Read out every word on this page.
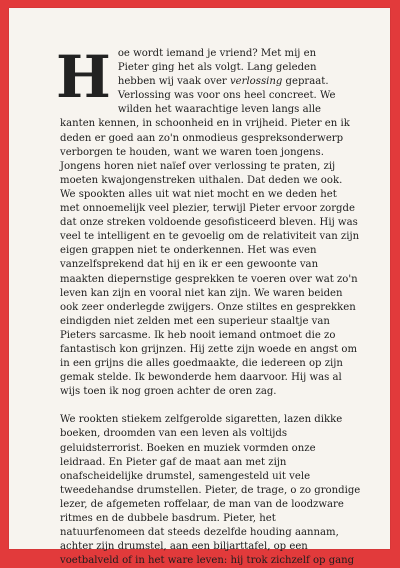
H oe wordt iemand je vriend? Met mij en
Pieter ging het als volgt. Lang geleden
hebben wij vaak over verlossing gepraat.
Verlossing was voor ons heel concreet. We
wilden het waarachtige leven langs alle
kanten kennen, in schoonheid en in vrijheid. Pieter en ik
deden er goed aan zo'n onmodieus gespreksonderwerp
verborgen te houden, want we waren toen jongens.
Jongens horen niet naïef over verlossing te praten, zij
moeten kwajongenstreken uithalen. Dat deden we ook.
We spookten alles uit wat niet mocht en we deden het
met onnoemelijk veel plezier, terwijl Pieter ervoor zorgde
dat onze streken voldoende gesofisticeerd bleven. Hij was
veel te intelligent en te gevoelig om de relativiteit van zijn
eigen grappen niet te onderkennen. Het was even
vanzelfsprekend dat hij en ik er een gewoonte van
maakten diepernstige gesprekken te voeren over wat zo'n
leven kan zijn en vooral niet kan zijn. We waren beiden
ook zeer onderlegde zwijgers. Onze stiltes en gesprekken
eindigden niet zelden met een superieur staaltje van
Pieters sarcasme. Ik heb nooit iemand ontmoet die zo
fantastisch kon grijnzen. Hij zette zijn woede en angst om
in een grijns die alles goedmaakte, die iedereen op zijn
gemak stelde. Ik bewonderde hem daarvoor. Hij was al
wijs toen ik nog groen achter de oren zag.
We rookten stiekem zelfgerolde sigaretten, lazen dikke
boeken, droomden van een leven als voltijds
geluidsterrorist. Boeken en muziek vormden onze
leidraad. En Pieter gaf de maat aan met zijn
onafscheidelijke drumstel, samengesteld uit vele
tweedehandse drumstellen. Pieter, de trage, o zo grondige
lezer, de afgemeten roffelaar, de man van de loodzware
ritmes en de dubbele basdrum. Pieter, het
natuurfenomeen dat steeds dezelfde houding aannam,
achter zijn drumstel, aan een biljarttafel, op een
voetbalveld of in het ware leven: hij trok zichzelf op gang
